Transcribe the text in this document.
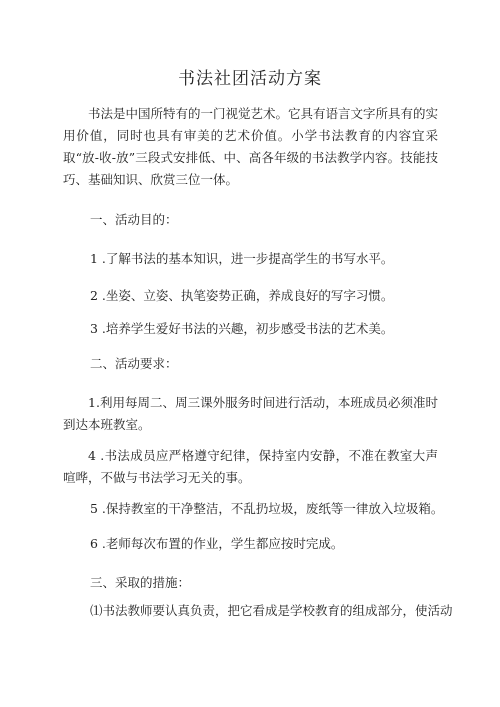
书法社团活动方案
书法是中国所特有的一门视觉艺术。它具有语言文字所具有的实用价值，同时也具有审美的艺术价值。小学书法教育的内容宜采取“放-收-放”三段式安排低、中、高各年级的书法教学内容。技能技巧、基础知识、欣赏三位一体。
一、活动目的：
1 .了解书法的基本知识，进一步提高学生的书写水平。
2 .坐姿、立姿、执笔姿势正确，养成良好的写字习惯。
3 .培养学生爱好书法的兴趣，初步感受书法的艺术美。
二、活动要求：
1.利用每周二、周三课外服务时间进行活动，本班成员必须准时到达本班教室。
4 .书法成员应严格遵守纪律，保持室内安静，不准在教室大声喧哗，不做与书法学习无关的事。
5 .保持教室的干净整洁，不乱扔垃圾，废纸等一律放入垃圾箱。
6 .老师每次布置的作业，学生都应按时完成。
三、采取的措施：
⑴书法教师要认真负责，把它看成是学校教育的组成部分，使活动
